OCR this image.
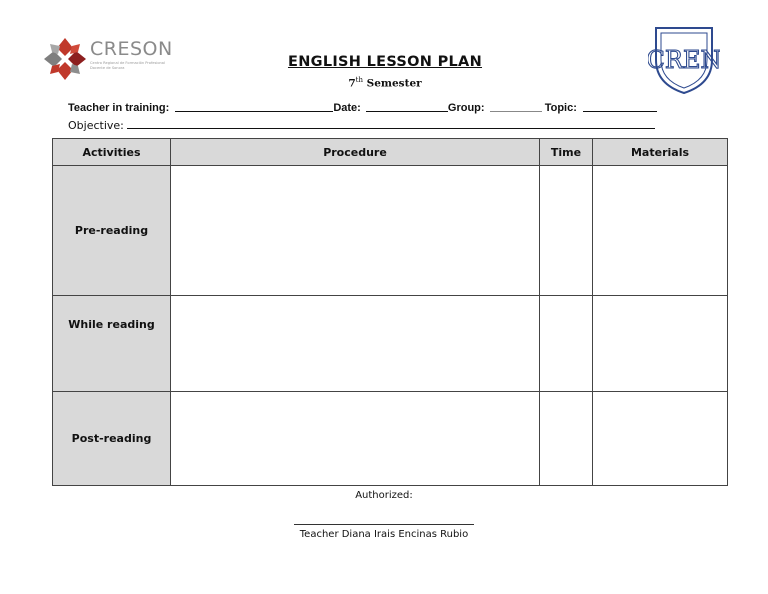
CRESON
Centro Regional de Formación Profesional Docente de Sonora	CREN
ENGLISH LESSON PLAN
7th Semester
Teacher in training:	Date:	Group:	Topic:
Objective:
Activities	Procedure	Time	Materials
Pre-reading			
While reading			
Post-reading			
Authorized:
Teacher Diana Irais Encinas Rubio
